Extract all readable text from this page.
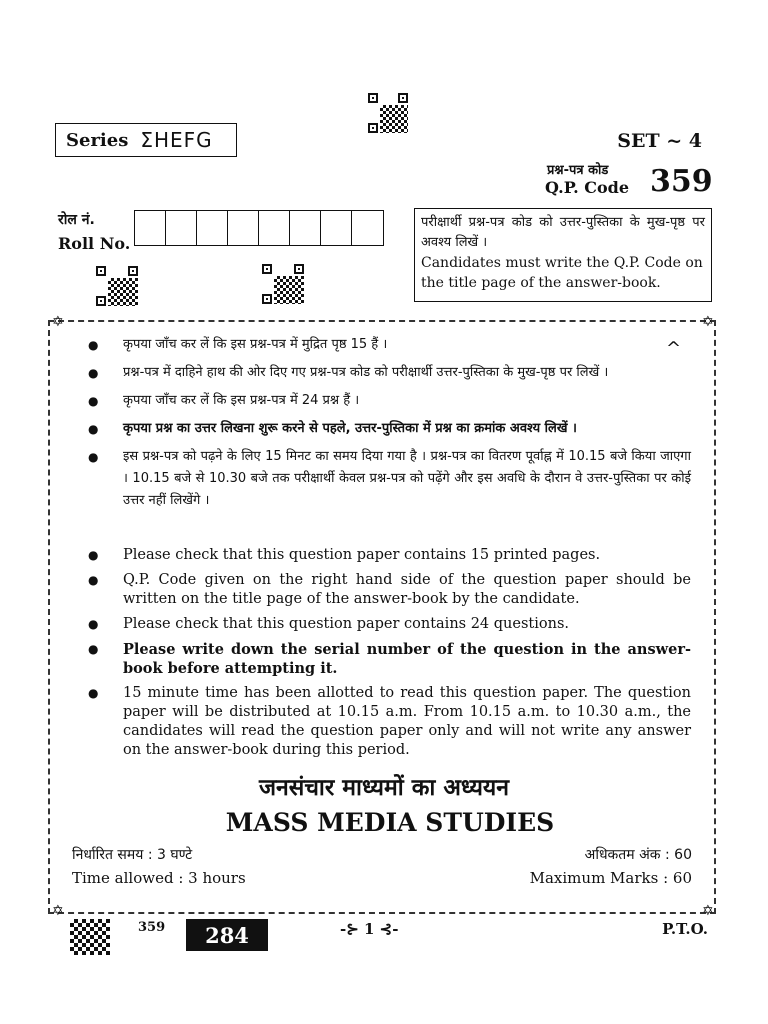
Series ΣHEFG	SET ~ 4
प्रश्न-पत्र कोड
Q.P. Code 359
रोल नं.
Roll No.
परीक्षार्थी प्रश्न-पत्र कोड को उत्तर-पुस्तिका के मुख-पृष्ठ पर अवश्य लिखें ।
Candidates must write the Q.P. Code on the title page of the answer-book.
✡	✡
✡	✡
^
● कृपया जाँच कर लें कि इस प्रश्न-पत्र में मुद्रित पृष्ठ 15 हैं ।
● प्रश्न-पत्र में दाहिने हाथ की ओर दिए गए प्रश्न-पत्र कोड को परीक्षार्थी उत्तर-पुस्तिका के मुख-पृष्ठ पर लिखें ।
● कृपया जाँच कर लें कि इस प्रश्न-पत्र में 24 प्रश्न हैं ।
● कृपया प्रश्न का उत्तर लिखना शुरू करने से पहले, उत्तर-पुस्तिका में प्रश्न का क्रमांक अवश्य लिखें ।
● इस प्रश्न-पत्र को पढ़ने के लिए 15 मिनट का समय दिया गया है । प्रश्न-पत्र का वितरण पूर्वाह्न में 10.15 बजे किया जाएगा । 10.15 बजे से 10.30 बजे तक परीक्षार्थी केवल प्रश्न-पत्र को पढ़ेंगे और इस अवधि के दौरान वे उत्तर-पुस्तिका पर कोई उत्तर नहीं लिखेंगे ।
● Please check that this question paper contains 15 printed pages.
● Q.P. Code given on the right hand side of the question paper should be written on the title page of the answer-book by the candidate.
● Please check that this question paper contains 24 questions.
● Please write down the serial number of the question in the answer-book before attempting it.
● 15 minute time has been allotted to read this question paper. The question paper will be distributed at 10.15 a.m. From 10.15 a.m. to 10.30 a.m., the candidates will read the question paper only and will not write any answer on the answer-book during this period.
जनसंचार माध्यमों का अध्ययन
MASS MEDIA STUDIES
निर्धारित समय : 3 घण्टे
Time allowed : 3 hours
अधिकतम अंक : 60
Maximum Marks : 60
359	284	-⊱ 1 ⊰-	P.T.O.
